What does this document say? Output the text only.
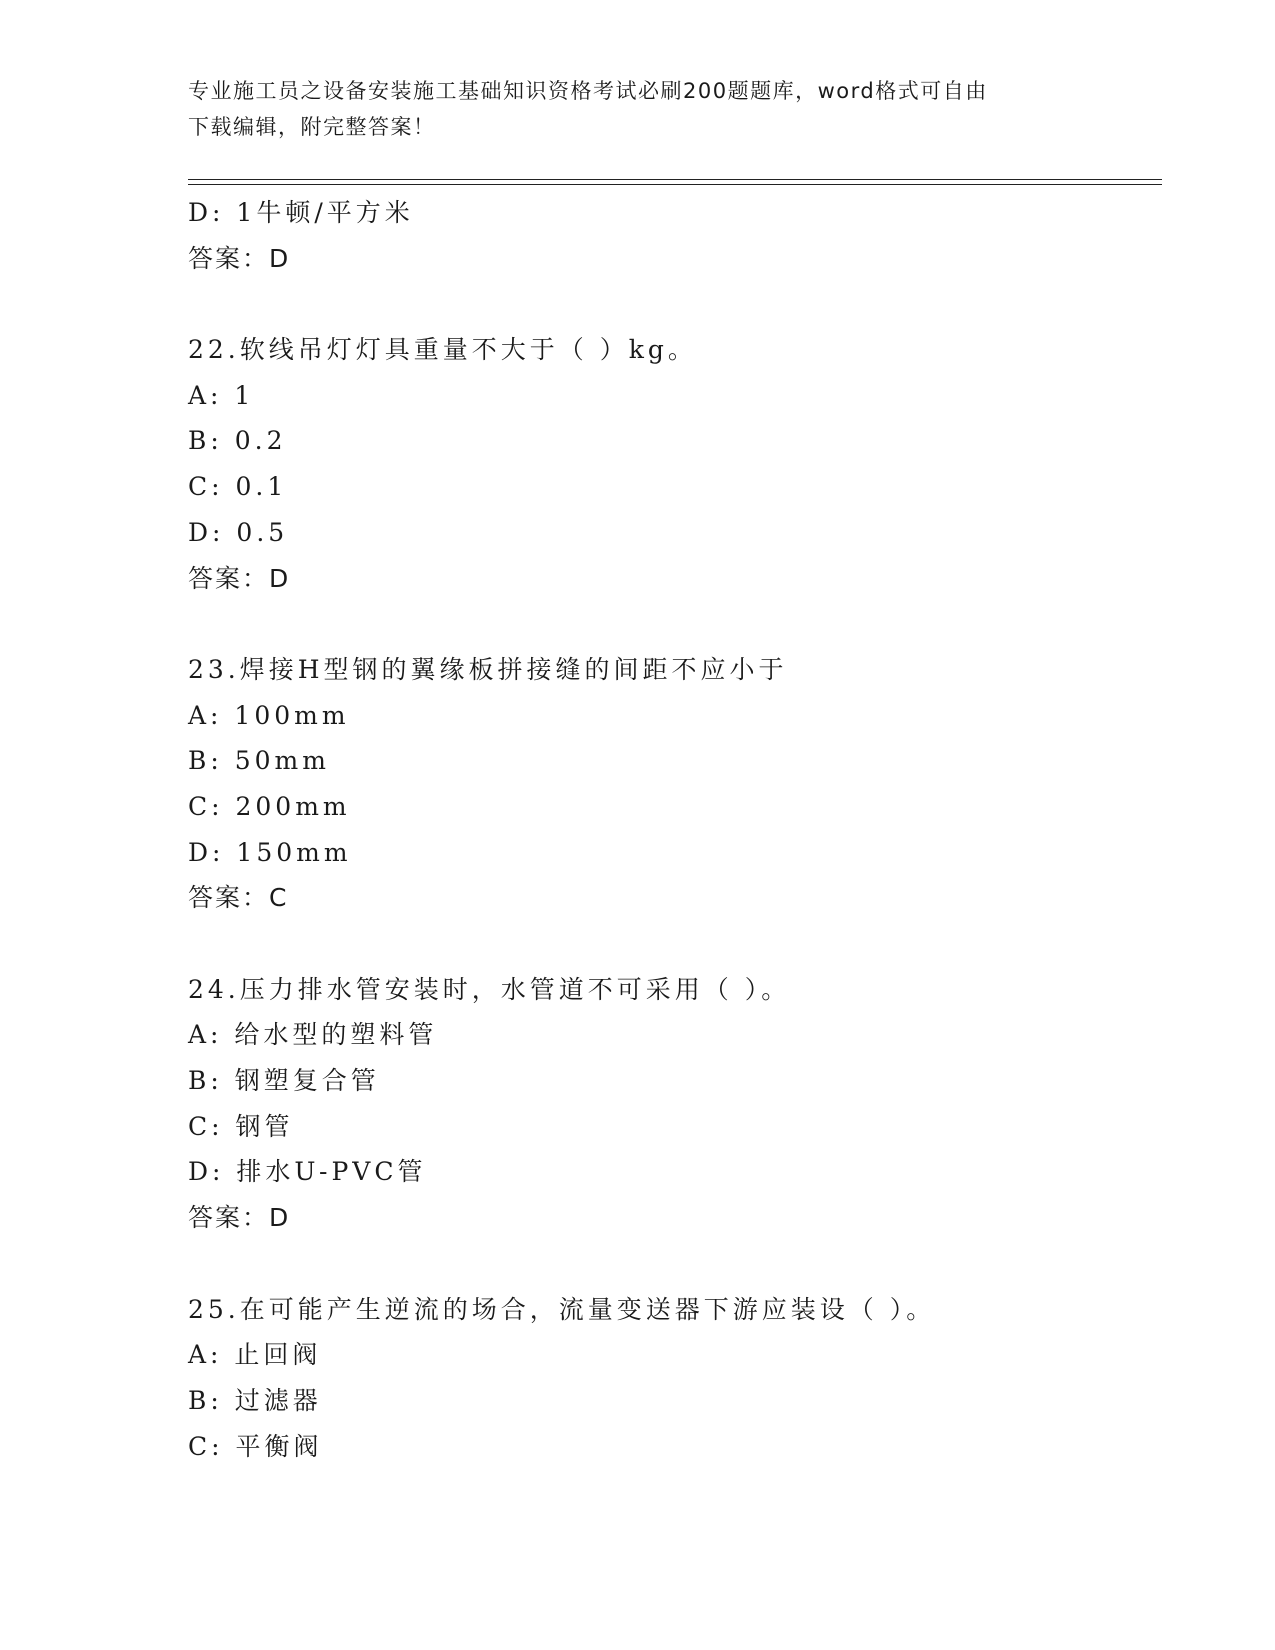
专业施工员之设备安装施工基础知识资格考试必刷200题题库，word格式可自由
下载编辑，附完整答案！
D: 1牛顿/平方米
答案：D
22.软线吊灯灯具重量不大于（ ）kg。
A: 1
B: 0.2
C: 0.1
D: 0.5
答案：D
23.焊接H型钢的翼缘板拼接缝的间距不应小于
A: 100mm
B: 50mm
C: 200mm
D: 150mm
答案：C
24.压力排水管安装时，水管道不可采用（ ）。
A: 给水型的塑料管
B: 钢塑复合管
C: 钢管
D: 排水U-PVC管
答案：D
25.在可能产生逆流的场合，流量变送器下游应装设（ ）。
A: 止回阀
B: 过滤器
C: 平衡阀
